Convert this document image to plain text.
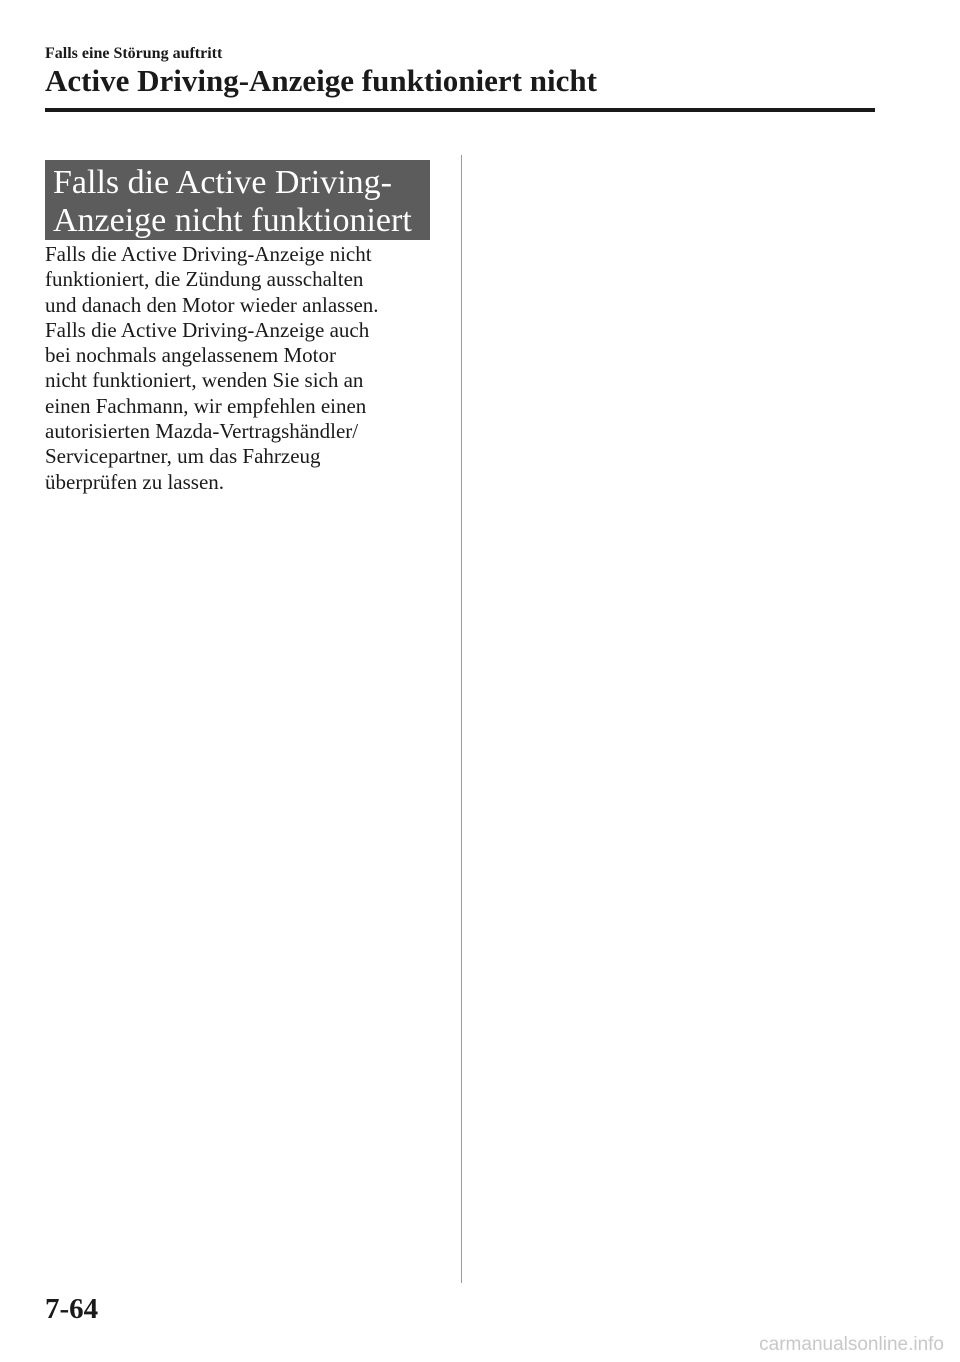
Falls eine Störung auftritt
Active Driving-Anzeige funktioniert nicht
Falls die Active Driving-
Anzeige nicht funktioniert
Falls die Active Driving-Anzeige nicht
funktioniert, die Zündung ausschalten
und danach den Motor wieder anlassen.
Falls die Active Driving-Anzeige auch
bei nochmals angelassenem Motor
nicht funktioniert, wenden Sie sich an
einen Fachmann, wir empfehlen einen
autorisierten Mazda-Vertragshändler/
Servicepartner, um das Fahrzeug
überprüfen zu lassen.
7-64
carmanualsonline.info
